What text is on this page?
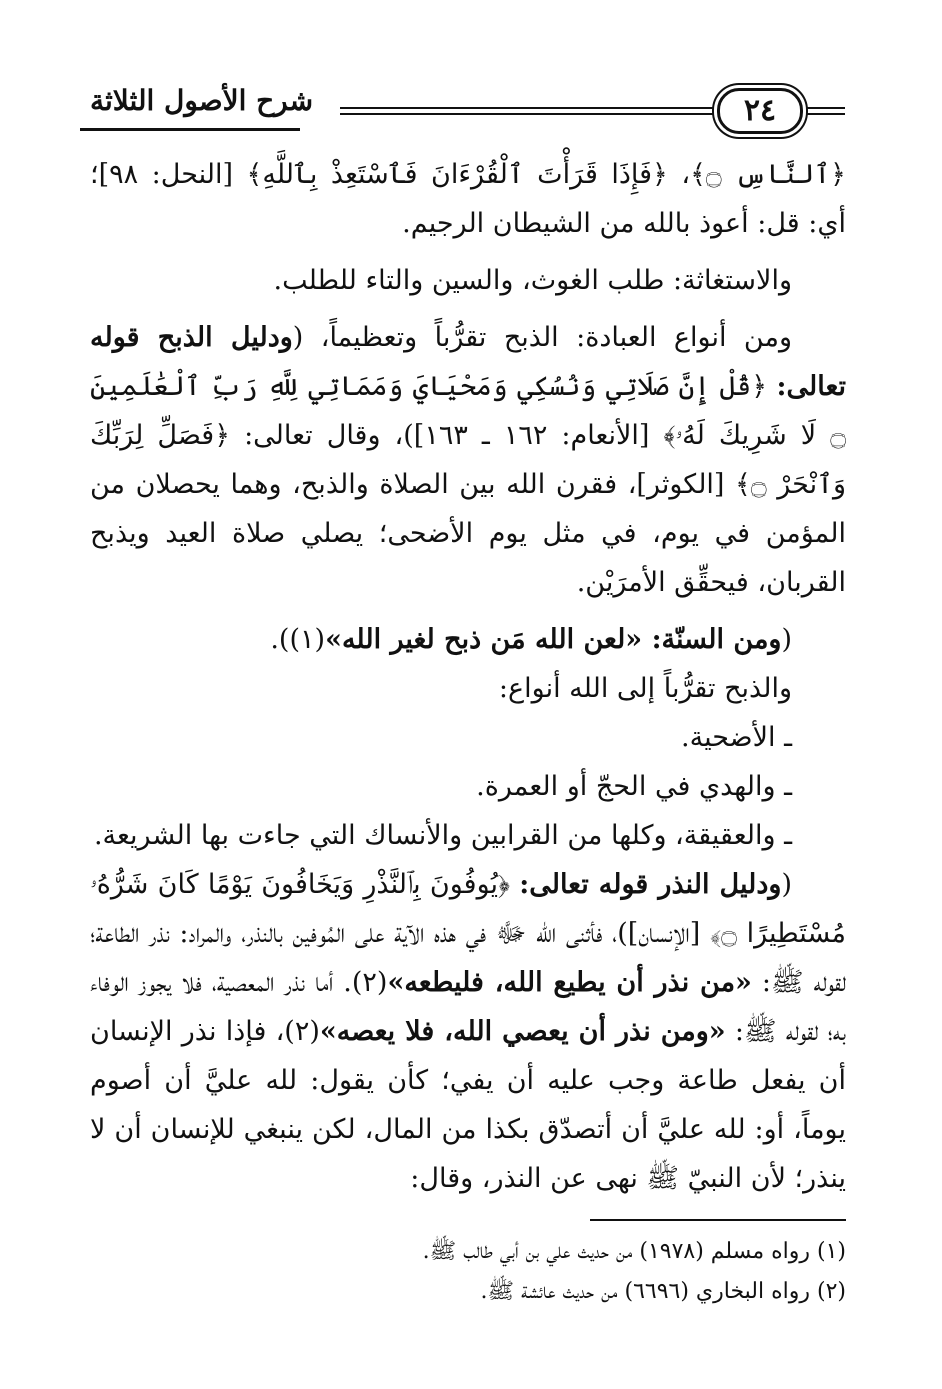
شرح الأصول الثلاثة	٢٤

﴿ٱلنَّاسِ ۝﴾، ﴿فَإِذَا قَرَأْتَ ٱلْقُرْءَانَ فَٱسْتَعِذْ بِٱللَّهِ﴾ [النحل: ٩٨]؛ أي: قل: أعوذ بالله من الشيطان الرجيم.

والاستغاثة: طلب الغوث، والسين والتاء للطلب.

ومن أنواع العبادة: الذبح تقرُّباً وتعظيماً، (ودليل الذبح قوله تعالى: ﴿قُلْ إِنَّ صَلَاتِي وَنُسُكِي وَمَحْيَايَ وَمَمَاتِي لِلَّهِ رَبِّ ٱلْعَٰلَمِينَ ۝ لَا شَرِيكَ لَهُۥ﴾ [الأنعام: ١٦٢ ـ ١٦٣])، وقال تعالى: ﴿فَصَلِّ لِرَبِّكَ وَٱنْحَرْ ۝﴾ [الكوثر]، فقرن الله بين الصلاة والذبح، وهما يحصلان من المؤمن في يوم، في مثل يوم الأضحى؛ يصلي صلاة العيد ويذبح القربان، فيحقِّق الأمرَيْن.

(ومن السنّة: «لعن الله مَن ذبح لغير الله»(١)).

والذبح تقرُّباً إلى الله أنواع:

ـ الأضحية.

ـ والهدي في الحجّ أو العمرة.

ـ والعقيقة، وكلها من القرابين والأنساك التي جاءت بها الشريعة.

(ودليل النذر قوله تعالى: ﴿يُوفُونَ بِٱلنَّذْرِ وَيَخَافُونَ يَوْمًا كَانَ شَرُّهُۥ مُسْتَطِيرًا ۝﴾ [الإنسان])، فأثنى الله ﷻ في هذه الآية على المُوفين بالنذر، والمراد: نذر الطاعة؛ لقوله ﷺ: «من نذر أن يطيع الله، فليطعه»(٢). أما نذر المعصية، فلا يجوز الوفاء به؛ لقوله ﷺ: «ومن نذر أن يعصي الله، فلا يعصه»(٢)، فإذا نذر الإنسان أن يفعل طاعة وجب عليه أن يفي؛ كأن يقول: لله عليَّ أن أصوم يوماً، أو: لله عليَّ أن أتصدّق بكذا من المال، لكن ينبغي للإنسان أن لا ينذر؛ لأن النبيّ ﷺ نهى عن النذر، وقال:

(١) رواه مسلم (١٩٧٨) من حديث علي بن أبي طالب ﷺ.

(٢) رواه البخاري (٦٦٩٦) من حديث عائشة ﷺ.
